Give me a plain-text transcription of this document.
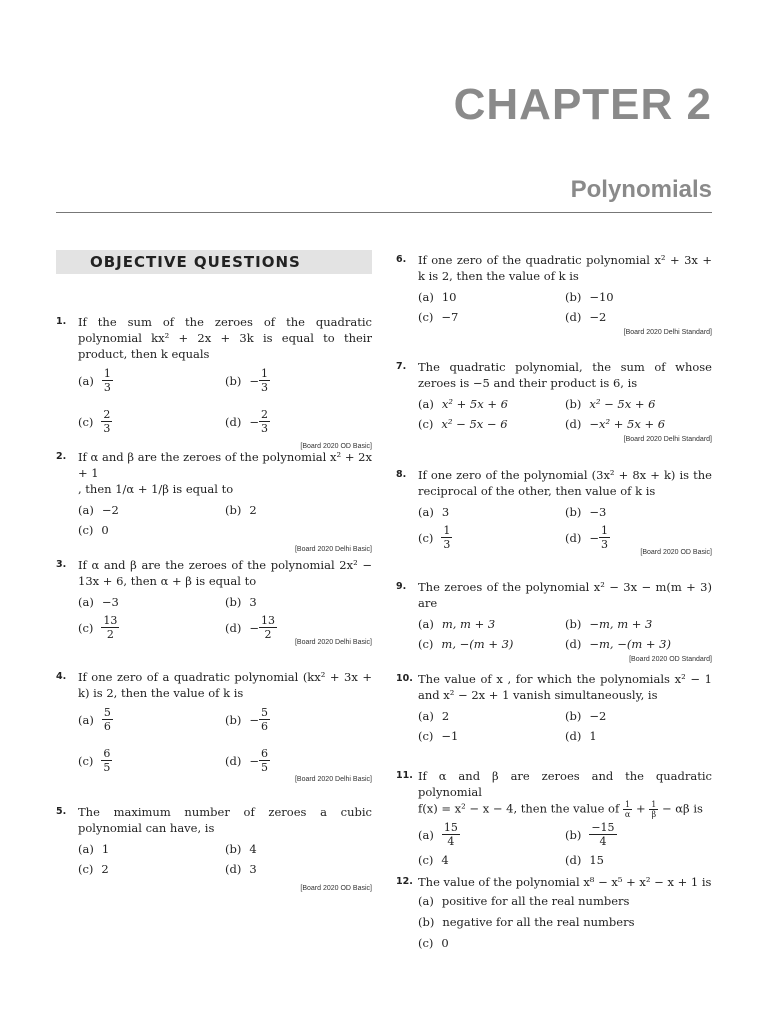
CHAPTER 2
Polynomials
OBJECTIVE QUESTIONS
1. If the sum of the zeroes of the quadratic polynomial kx² + 2x + 3k is equal to their product, then k equals
$(a) \frac{1}{3}$	$(b) - \frac{1}{3}$
$(c) \frac{2}{3}$	$(d) - \frac{2}{3}$
[Board 2020 OD Basic]
2. If α and β are the zeroes of the polynomial x² + 2x + 1
, then 1/α + 1/β is equal to
(a) −2	(b) 2
(c) 0
[Board 2020 Delhi Basic]
3. If α and β are the zeroes of the polynomial 2x² − 13x + 6, then α + β is equal to
(a) −3	(b) 3
$(c) \frac{13}{2}$	$(d) - \frac{13}{2}$
[Board 2020 Delhi Basic]
4. If one zero of a quadratic polynomial (kx² + 3x + k) is 2, then the value of k is
$(a) \frac{5}{6}$	$(b) - \frac{5}{6}$
$(c) \frac{6}{5}$	$(d) - \frac{6}{5}$
[Board 2020 Delhi Basic]
5. The maximum number of zeroes a cubic polynomial can have, is
(a) 1	(b) 4
(c) 2	(d) 3
[Board 2020 OD Basic]
6. If one zero of the quadratic polynomial x² + 3x + k is 2, then the value of k is
(a) 10	(b) −10
(c) −7	(d) −2
[Board 2020 Delhi Standard]
7. The quadratic polynomial, the sum of whose zeroes is −5 and their product is 6, is
(a) x² + 5x + 6	(b) x² − 5x + 6
(c) x² − 5x − 6	(d) −x² + 5x + 6
[Board 2020 Delhi Standard]
8. If one zero of the polynomial (3x² + 8x + k) is the reciprocal of the other, then value of k is
(a) 3	(b) −3
$(c) \frac{1}{3}$	$(d) - \frac{1}{3}$
[Board 2020 OD Basic]
9. The zeroes of the polynomial x² − 3x − m(m + 3) are
(a) m, m + 3	(b) −m, m + 3
(c) m, −(m + 3)	(d) −m, −(m + 3)
[Board 2020 OD Standard]
10. The value of x , for which the polynomials x² − 1 and x² − 2x + 1 vanish simultaneously, is
(a) 2	(b) −2
(c) −1	(d) 1
11. If α and β are zeroes and the quadratic polynomial
f(x) = x² − x − 4, then the value of $\frac{1}{\alpha} + \frac{1}{\beta} - \alpha\beta$ is
$(a) \frac{15}{4}$	$(b) \frac{-15}{4}$
(c) 4	(d) 15
12. The value of the polynomial x⁸ − x⁵ + x² − x + 1 is
(a) positive for all the real numbers
(b) negative for all the real numbers
(c) 0
